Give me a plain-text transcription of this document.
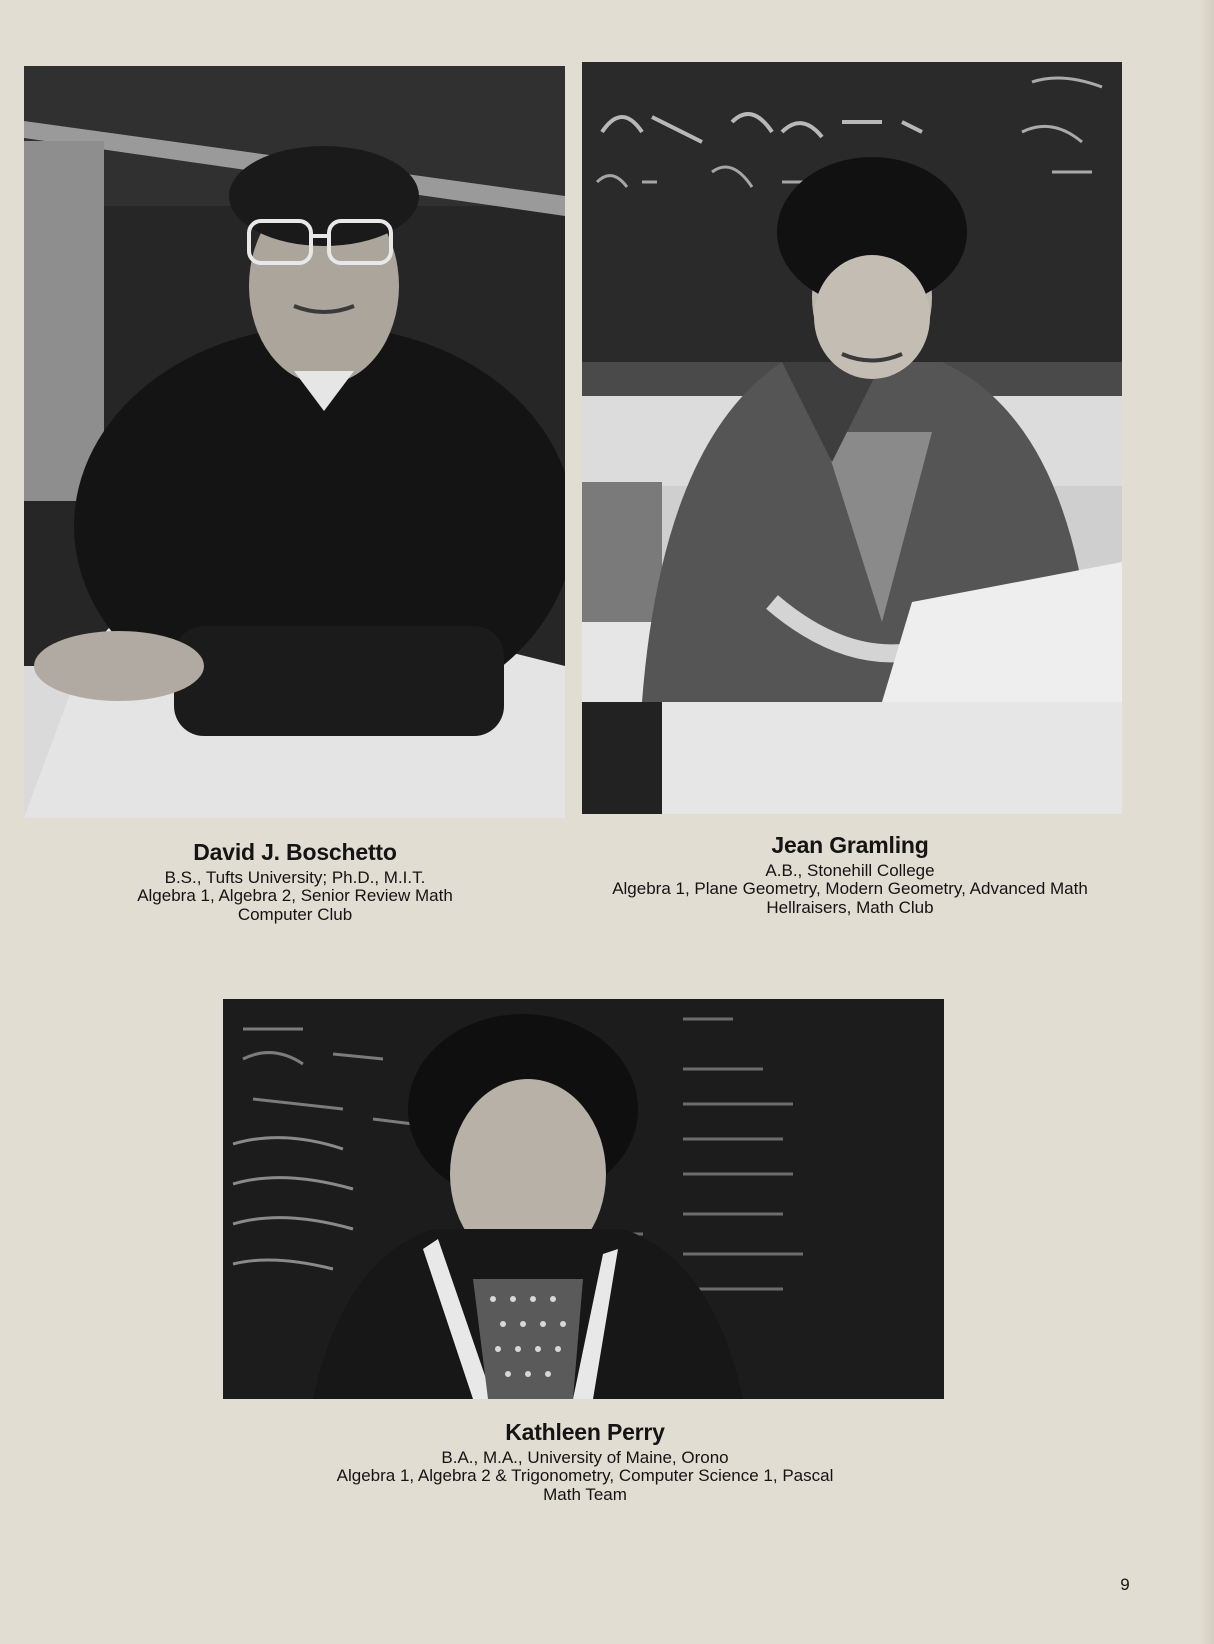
David J. Boschetto
B.S., Tufts University; Ph.D., M.I.T.
Algebra 1, Algebra 2, Senior Review Math
Computer Club
Jean Gramling
A.B., Stonehill College
Algebra 1, Plane Geometry, Modern Geometry, Advanced Math
Hellraisers, Math Club
Kathleen Perry
B.A., M.A., University of Maine, Orono
Algebra 1, Algebra 2 & Trigonometry, Computer Science 1, Pascal
Math Team
9
